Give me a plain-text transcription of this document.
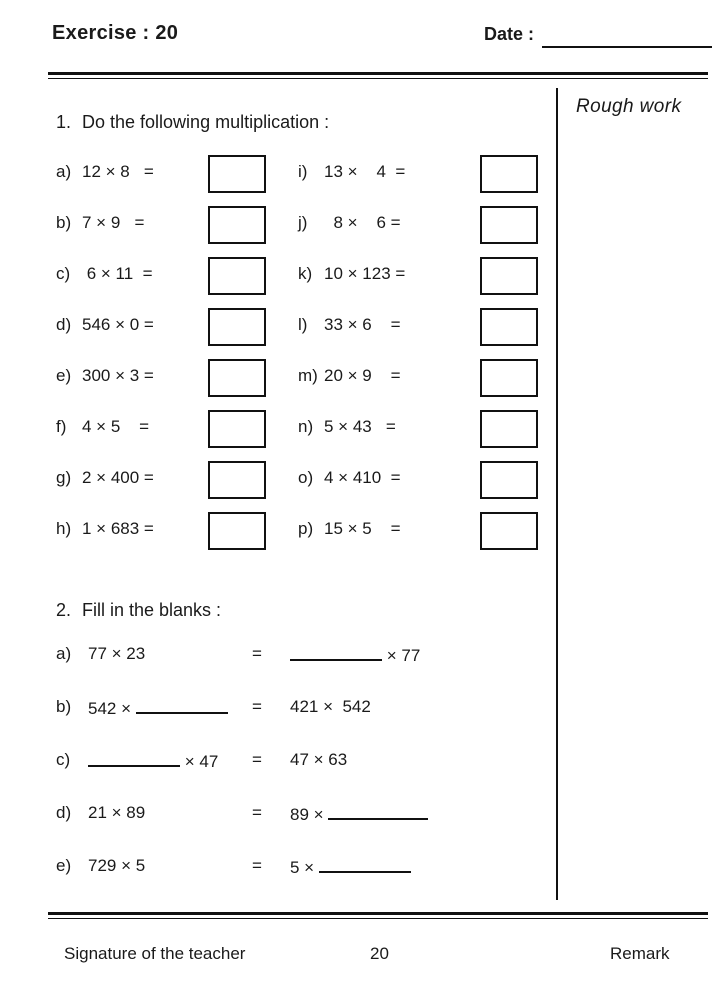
Exercise : 20	Date :
Rough work
1. Do the following multiplication :
a) 12 × 8   =	i) 13 ×    4  =
b) 7 × 9   =	j) 8 ×    6 =
c) 6 × 11  =	k) 10 × 123 =
d) 546 × 0 =	l) 33 × 6    =
e) 300 × 3 =	m) 20 × 9    =
f) 4 × 5    =	n) 5 × 43   =
g) 2 × 400 =	o) 4 × 410  =
h) 1 × 683 =	p) 15 × 5    =
2. Fill in the blanks :
a) 77 × 23	=	× 77
b) 542 ×	= 421 ×  542
c)	× 47 = 47 × 63
d) 21 × 89	= 89 ×
e) 729 × 5	= 5 ×
Signature of the teacher	20	Remark
